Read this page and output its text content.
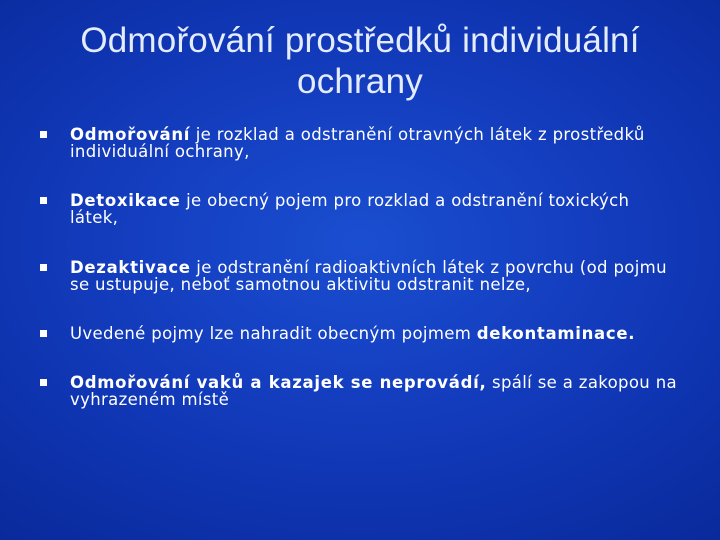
Odmořování prostředků individuální ochrany
Odmořování je rozklad a odstranění otravných látek z prostředků individuální ochrany,
Detoxikace je obecný pojem pro rozklad a odstranění toxických látek,
Dezaktivace je odstranění radioaktivních látek z povrchu (od pojmu se ustupuje, neboť samotnou aktivitu odstranit nelze,
Uvedené pojmy lze nahradit obecným pojmem dekontaminace.
Odmořování vaků a kazajek se neprovádí, spálí se a zakopou na vyhrazeném místě
